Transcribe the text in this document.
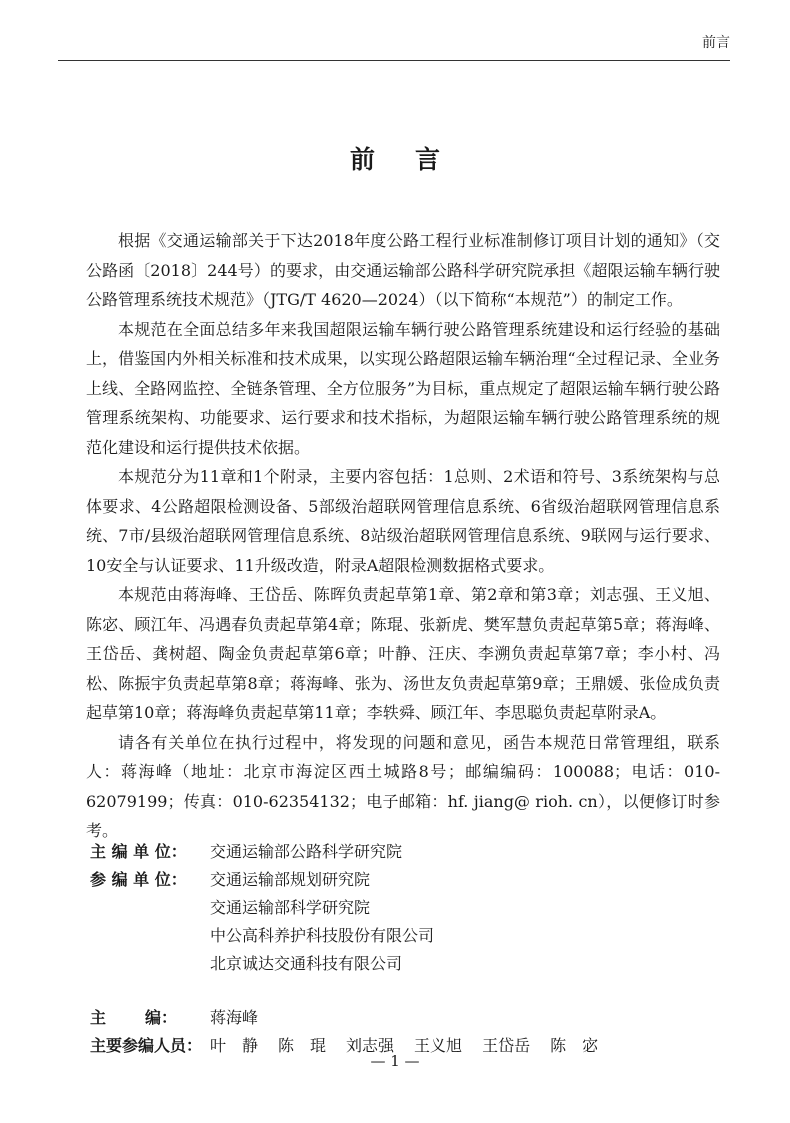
前言
前言

根据《交通运输部关于下达2018年度公路工程行业标准制修订项目计划的通知》（交公路函〔2018〕244号）的要求，由交通运输部公路科学研究院承担《超限运输车辆行驶公路管理系统技术规范》（JTG/T 4620—2024）（以下简称“本规范”）的制定工作。

本规范在全面总结多年来我国超限运输车辆行驶公路管理系统建设和运行经验的基础上，借鉴国内外相关标准和技术成果，以实现公路超限运输车辆治理“全过程记录、全业务上线、全路网监控、全链条管理、全方位服务”为目标，重点规定了超限运输车辆行驶公路管理系统架构、功能要求、运行要求和技术指标，为超限运输车辆行驶公路管理系统的规范化建设和运行提供技术依据。

本规范分为11章和1个附录，主要内容包括：1总则、2术语和符号、3系统架构与总体要求、4公路超限检测设备、5部级治超联网管理信息系统、6省级治超联网管理信息系统、7市/县级治超联网管理信息系统、8站级治超联网管理信息系统、9联网与运行要求、10安全与认证要求、11升级改造，附录A超限检测数据格式要求。

本规范由蒋海峰、王岱岳、陈晖负责起草第1章、第2章和第3章；刘志强、王义旭、陈宓、顾江年、冯遇春负责起草第4章；陈琨、张新虎、樊军慧负责起草第5章；蒋海峰、王岱岳、龚树超、陶金负责起草第6章；叶静、汪庆、李溯负责起草第7章；李小村、冯松、陈振宇负责起草第8章；蒋海峰、张为、汤世友负责起草第9章；王鼎媛、张俭成负责起草第10章；蒋海峰负责起草第11章；李轶舜、顾江年、李思聪负责起草附录A。

请各有关单位在执行过程中，将发现的问题和意见，函告本规范日常管理组，联系人：蒋海峰（地址：北京市海淀区西土城路8号；邮编编码：100088；电话：010-62079199；传真：010-62354132；电子邮箱：hf. jiang@ rioh. cn），以便修订时参考。

主 编 单 位：	交通运输部公路科学研究院
参 编 单 位：	交通运输部规划研究院
交通运输部科学研究院
中公高科养护科技股份有限公司
北京诚达交通科技有限公司
主       编：	蒋海峰
主要参编人员： 叶　静 陈　琨 刘志强 王义旭 王岱岳 陈　宓
— 1 —
